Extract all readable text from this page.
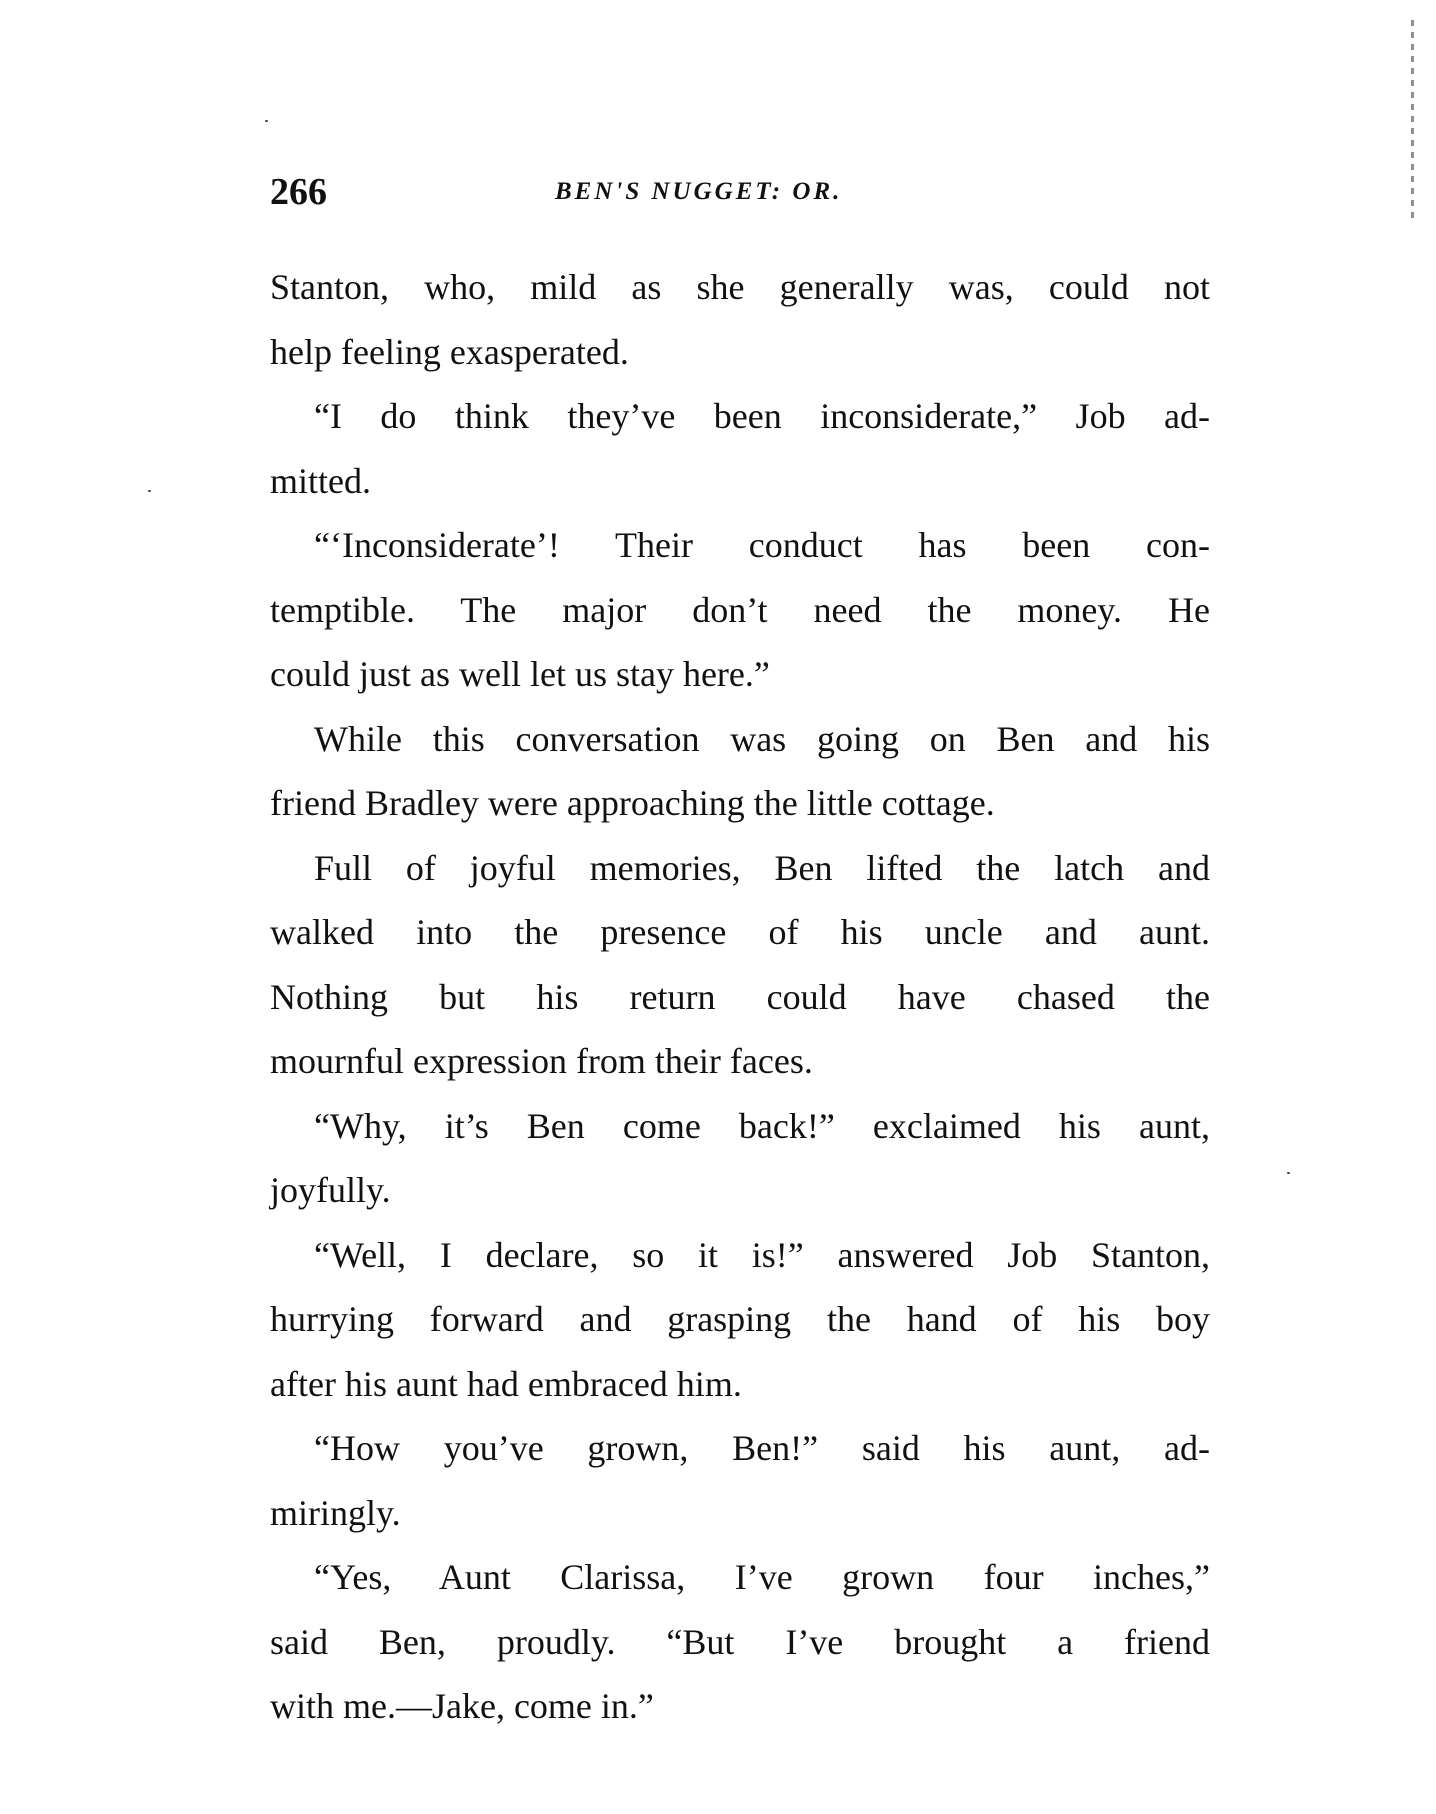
266	BEN'S NUGGET: OR.
Stanton, who, mild as she generally was, could not
help feeling exasperated.
“I do think they’ve been inconsiderate,” Job ad-
mitted.
“‘Inconsiderate’! Their conduct has been con-
temptible. The major don’t need the money. He
could just as well let us stay here.”
While this conversation was going on Ben and his
friend Bradley were approaching the little cottage.
Full of joyful memories, Ben lifted the latch and
walked into the presence of his uncle and aunt.
Nothing but his return could have chased the
mournful expression from their faces.
“Why, it’s Ben come back!” exclaimed his aunt,
joyfully.
“Well, I declare, so it is!” answered Job Stanton,
hurrying forward and grasping the hand of his boy
after his aunt had embraced him.
“How you’ve grown, Ben!” said his aunt, ad-
miringly.
“Yes, Aunt Clarissa, I’ve grown four inches,”
said Ben, proudly. “But I’ve brought a friend
with me.—Jake, come in.”
